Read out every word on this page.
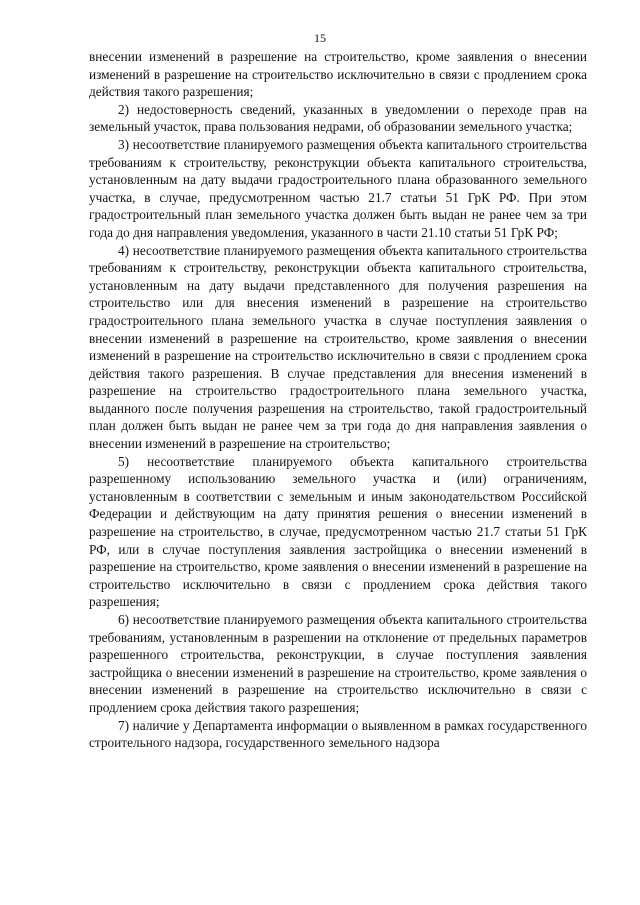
15

внесении изменений в разрешение на строительство, кроме заявления о внесении изменений в разрешение на строительство исключительно в связи с продлением срока действия такого разрешения;

2) недостоверность сведений, указанных в уведомлении о переходе прав на земельный участок, права пользования недрами, об образовании земельного участка;

3) несоответствие планируемого размещения объекта капитального строительства требованиям к строительству, реконструкции объекта капитального строительства, установленным на дату выдачи градостроительного плана образованного земельного участка, в случае, предусмотренном частью 21.7 статьи 51 ГрК РФ. При этом градостроительный план земельного участка должен быть выдан не ранее чем за три года до дня направления уведомления, указанного в части 21.10 статьи 51 ГрК РФ;

4) несоответствие планируемого размещения объекта капитального строительства требованиям к строительству, реконструкции объекта капитального строительства, установленным на дату выдачи представленного для получения разрешения на строительство или для внесения изменений в разрешение на строительство градостроительного плана земельного участка в случае поступления заявления о внесении изменений в разрешение на строительство, кроме заявления о внесении изменений в разрешение на строительство исключительно в связи с продлением срока действия такого разрешения. В случае представления для внесения изменений в разрешение на строительство градостроительного плана земельного участка, выданного после получения разрешения на строительство, такой градостроительный план должен быть выдан не ранее чем за три года до дня направления заявления о внесении изменений в разрешение на строительство;

5) несоответствие планируемого объекта капитального строительства разрешенному использованию земельного участка и (или) ограничениям, установленным в соответствии с земельным и иным законодательством Российской Федерации и действующим на дату принятия решения о внесении изменений в разрешение на строительство, в случае, предусмотренном частью 21.7 статьи 51 ГрК РФ, или в случае поступления заявления застройщика о внесении изменений в разрешение на строительство, кроме заявления о внесении изменений в разрешение на строительство исключительно в связи с продлением срока действия такого разрешения;

6) несоответствие планируемого размещения объекта капитального строительства требованиям, установленным в разрешении на отклонение от предельных параметров разрешенного строительства, реконструкции, в случае поступления заявления застройщика о внесении изменений в разрешение на строительство, кроме заявления о внесении изменений в разрешение на строительство исключительно в связи с продлением срока действия такого разрешения;

7) наличие у Департамента информации о выявленном в рамках государственного строительного надзора, государственного земельного надзора
